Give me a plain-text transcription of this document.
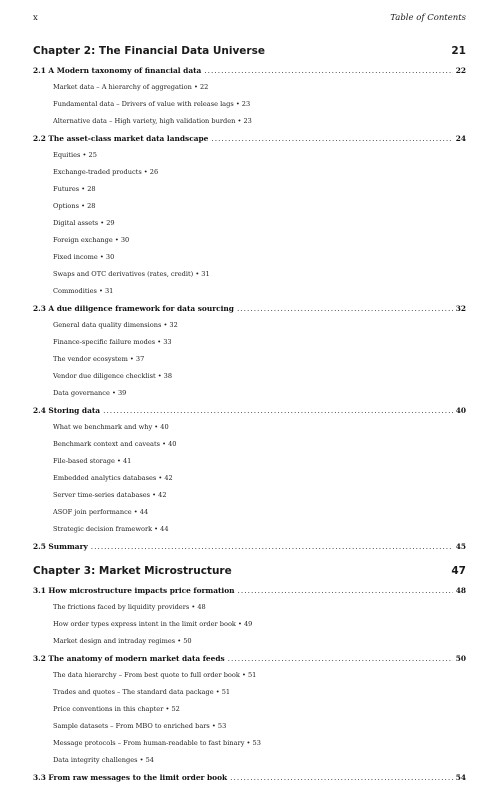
x	Table of Contents
Chapter 2: The Financial Data Universe	21
2.1 A Modern taxonomy of financial data .....	22
Market data – A hierarchy of aggregation • 22
Fundamental data – Drivers of value with release lags • 23
Alternative data – High variety, high validation burden • 23
2.2 The asset-class market data landscape .....	24
Equities • 25
Exchange-traded products • 26
Futures • 28
Options • 28
Digital assets • 29
Foreign exchange • 30
Fixed income • 30
Swaps and OTC derivatives (rates, credit) • 31
Commodities • 31
2.3 A due diligence framework for data sourcing .....	32
General data quality dimensions • 32
Finance-specific failure modes • 33
The vendor ecosystem • 37
Vendor due diligence checklist • 38
Data governance • 39
2.4 Storing data .....	40
What we benchmark and why • 40
Benchmark context and caveats • 40
File-based storage • 41
Embedded analytics databases • 42
Server time-series databases • 42
ASOF join performance • 44
Strategic decision framework • 44
2.5 Summary .....	45
Chapter 3: Market Microstructure	47
3.1 How microstructure impacts price formation .....	48
The frictions faced by liquidity providers • 48
How order types express intent in the limit order book • 49
Market design and intraday regimes • 50
3.2 The anatomy of modern market data feeds .....	50
The data hierarchy – From best quote to full order book • 51
Trades and quotes – The standard data package • 51
Price conventions in this chapter • 52
Sample datasets – From MBO to enriched bars • 53
Message protocols – From human-readable to fast binary • 53
Data integrity challenges • 54
3.3 From raw messages to the limit order book .....	54
